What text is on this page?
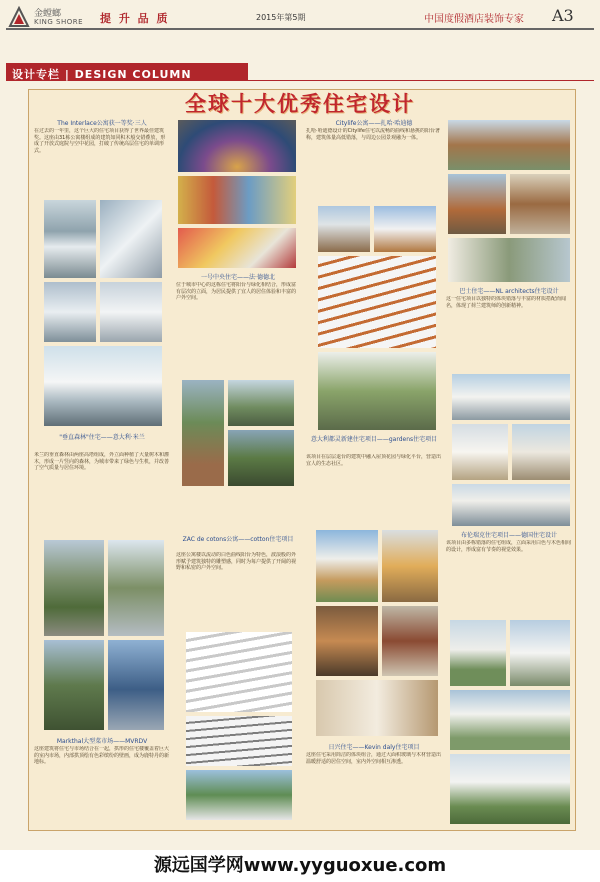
金螳螂
KING SHORE 提 升 品 质	2015年第5期	中国度假酒店装饰专家 A3
设计专栏 | DESIGN COLUMN
全球十大优秀住宅设计
The Interlace公寓获一等奖·三人
在过去的一年里，这个巨大的住宅项目获得了世界最佳建筑奖。这座由31栋公寓楼组成的建筑如同积木般交错叠放，形成了开放式庭院与空中花园，打破了传统高层住宅的单调形式。
"垂直森林"住宅——意大利·米兰
米兰的垂直森林由两座高塔组成，外立面种植了大量树木和灌木，形成一片竖向的森林，为城市带来了绿色与生机，并改善了空气质量与居住环境。
Markthal大型菜市场——MVRDV
这座建筑将住宅与市场结合在一起，拱形的住宅楼覆盖着巨大的室内市场，内部拱顶绘有色彩缤纷的壁画，成为鹿特丹的新地标。
一号中央住宅——法·德德北
位于城市中心的这栋住宅将阳台与绿化相结合，形成富有层次的立面，为居民提供了宜人的居住体验和丰富的户外空间。
ZAC de cotons公寓——cotton住宅项目
这座公寓楼以流动的白色曲线阳台为特色，波浪般的外形赋予建筑独特的雕塑感，同时为每户提供了开阔的视野和私密的户外空间。
Citylife公寓——扎哈·哈迪德
扎哈·哈迪德设计的Citylife住宅以流畅的曲线和悬挑的阳台著称，建筑体量高低错落，与周边公园景观融为一体。
意大利都灵新建住宅项目——gardens住宅项目
该项目在层层退台的建筑中融入屋顶花园与绿化平台，营造出宜人的生态社区。
日兴住宅——Kevin daly住宅项目
这座住宅采用简洁的体块组合，通过大面积玻璃与木材营造出温暖舒适的居住空间，室内外空间相互渗透。
巴士住宅——NL architects住宅设计
这一住宅项目以独特的体块错落与丰富的材质搭配而闻名，体现了荷兰建筑师的创新精神。
布伦瑞克住宅项目——德国住宅设计
该项目由多栋错落的住宅组成，立面采用白色与木色相间的设计，形成富有节奏的视觉效果。
源远国学网www.yyguoxue.com
